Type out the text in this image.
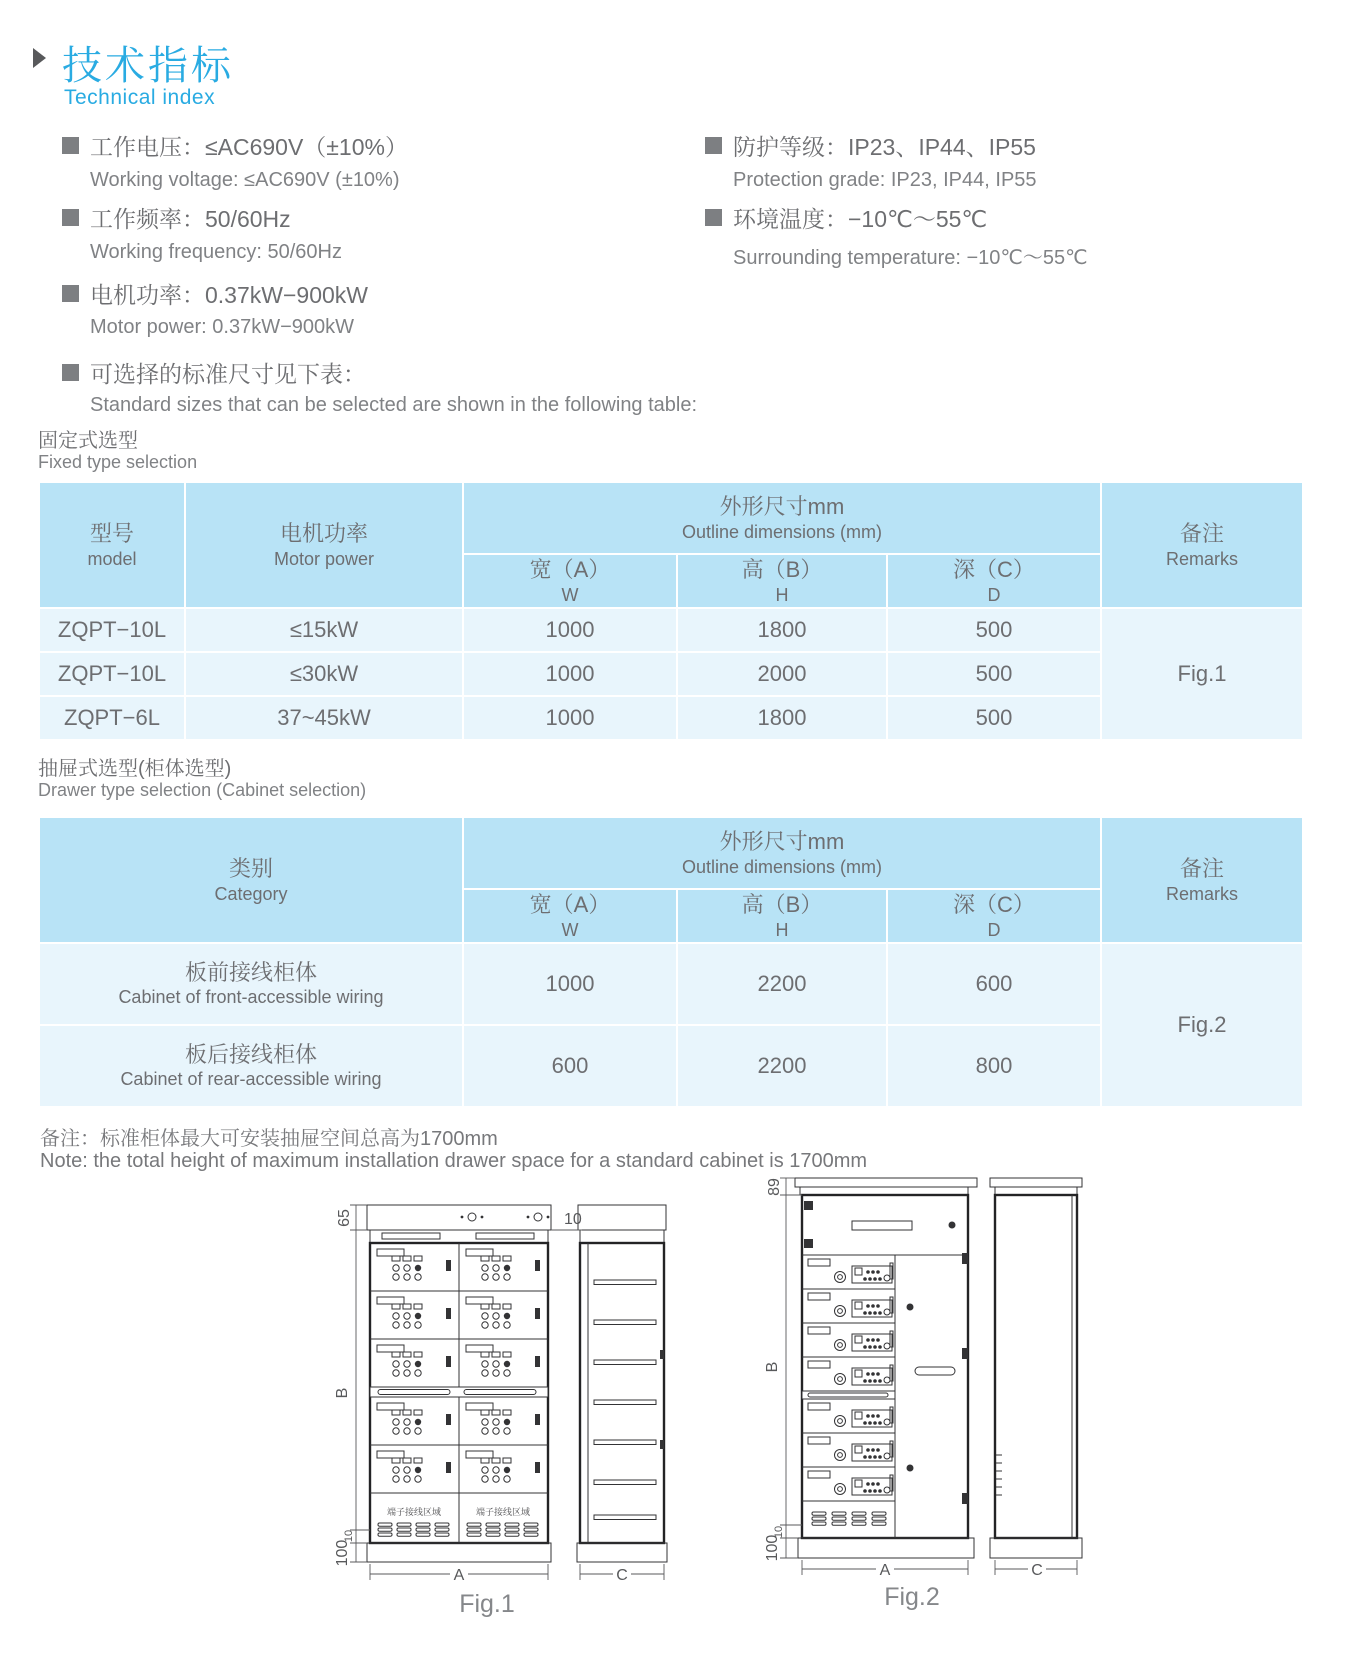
技术指标
Technical index
工作电压：≤AC690V（±10%）
Working voltage: ≤AC690V (±10%)
工作频率：50/60Hz
Working frequency: 50/60Hz
电机功率：0.37kW−900kW
Motor power: 0.37kW−900kW
防护等级：IP23、IP44、IP55
Protection grade: IP23, IP44, IP55
环境温度：−10℃～55℃
Surrounding temperature: −10℃～55℃
可选择的标准尺寸见下表：
Standard sizes that can be selected are shown in the following table:
固定式选型
Fixed type selection
型号
model

电机功率
Motor power

外形尺寸mm
Outline dimensions (mm)	备注
Remarks

宽（A）
W

高（B）
H

深（C）
D

ZQPT−10L	≤15kW	1000	1800	500	Fig.1
ZQPT−10L	≤30kW	1000	2000	500	
ZQPT−6L	37~45kW	1000	1800	500	
抽屉式选型(柜体选型)
Drawer type selection (Cabinet selection)
类别
Category

外形尺寸mm
Outline dimensions (mm)	备注
Remarks

宽（A）
W

高（B）
H

深（C）
D

板前接线柜体
Cabinet of front-accessible wiring	1000	2200	600	Fig.2

板后接线柜体
Cabinet of rear-accessible wiring	600	2200	800	
备注：标准柜体最大可安装抽屉空间总高为1700mm
Note: the total height of maximum installation drawer space for a standard cabinet is 1700mm
端子接线区域	端子接线区域
65
B
10
100
10
A	C
Fig.1
89
B
10
100
A	C
Fig.2
